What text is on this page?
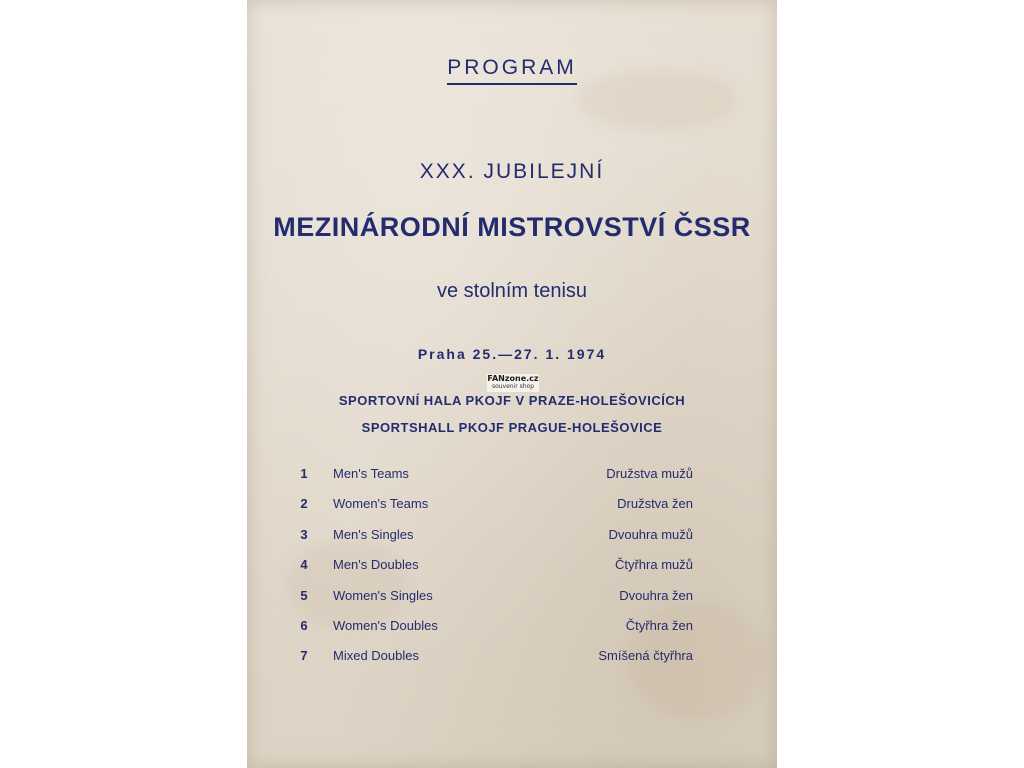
PROGRAM
XXX. JUBILEJNÍ
MEZINÁRODNÍ MISTROVSTVÍ ČSSR
ve stolním tenisu
Praha 25.—27. 1. 1974
FANzone.cz
souvenir shop
SPORTOVNÍ HALA PKOJF V PRAZE-HOLEŠOVICÍCH
SPORTSHALL PKOJF PRAGUE-HOLEŠOVICE
1 Men's Teams	Družstva mužů
2 Women's Teams	Družstva žen
3 Men's Singles	Dvouhra mužů
4 Men's Doubles	Čtyřhra mužů
5 Women's Singles	Dvouhra žen
6 Women's Doubles	Čtyřhra žen
7 Mixed Doubles	Smíšená čtyřhra
